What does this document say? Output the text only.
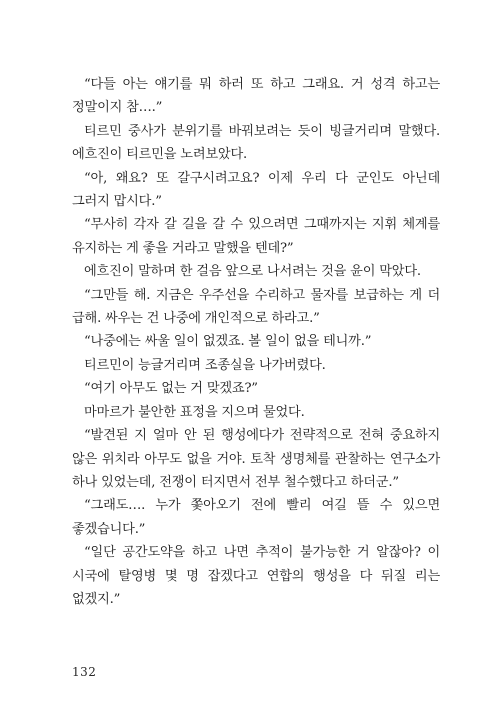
“다들 아는 얘기를 뭐 하러 또 하고 그래요. 거 성격 하고는 정말이지 참….”

티르민 중사가 분위기를 바꿔보려는 듯이 빙글거리며 말했다. 에흐진이 티르민을 노려보았다.

“아, 왜요? 또 갈구시려고요? 이제 우리 다 군인도 아닌데 그러지 맙시다.”

“무사히 각자 갈 길을 갈 수 있으려면 그때까지는 지휘 체계를 유지하는 게 좋을 거라고 말했을 텐데?”

에흐진이 말하며 한 걸음 앞으로 나서려는 것을 윤이 막았다.

“그만들 해. 지금은 우주선을 수리하고 물자를 보급하는 게 더 급해. 싸우는 건 나중에 개인적으로 하라고.”

“나중에는 싸울 일이 없겠죠. 볼 일이 없을 테니까.”

티르민이 능글거리며 조종실을 나가버렸다.

“여기 아무도 없는 거 맞겠죠?”

마마르가 불안한 표정을 지으며 물었다.

“발견된 지 얼마 안 된 행성에다가 전략적으로 전혀 중요하지 않은 위치라 아무도 없을 거야. 토착 생명체를 관찰하는 연구소가 하나 있었는데, 전쟁이 터지면서 전부 철수했다고 하더군.”

“그래도…. 누가 쫓아오기 전에 빨리 여길 뜰 수 있으면 좋겠습니다.”

“일단 공간도약을 하고 나면 추적이 불가능한 거 알잖아? 이 시국에 탈영병 몇 명 잡겠다고 연합의 행성을 다 뒤질 리는 없겠지.”

132
